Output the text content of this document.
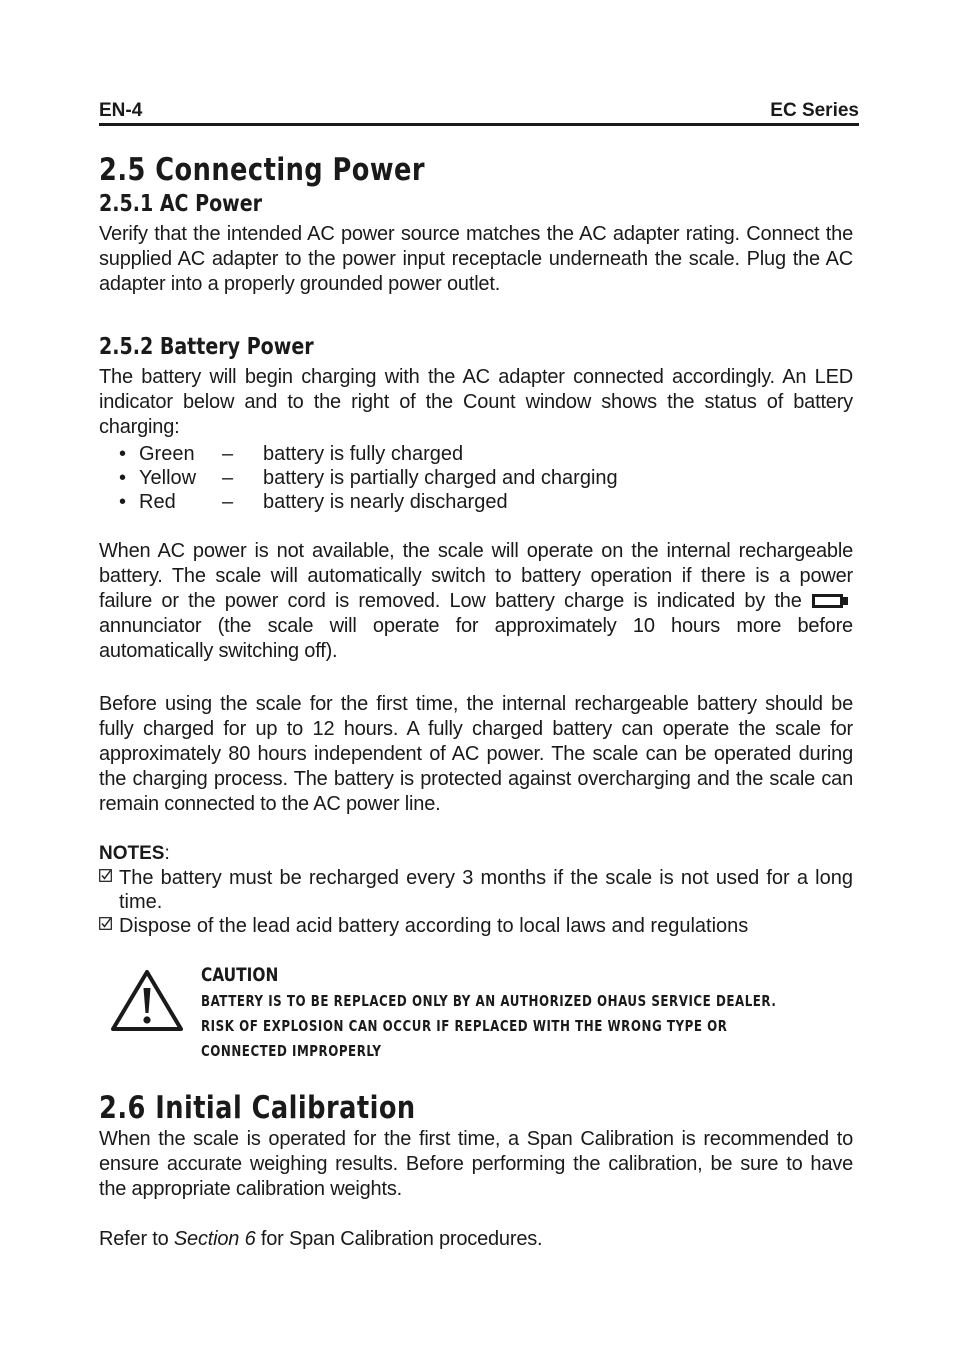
EN-4	EC Series
2.5 Connecting Power
2.5.1 AC Power
Verify that the intended AC power source matches the AC adapter rating. Connect the supplied AC adapter to the power input receptacle underneath the scale. Plug the AC adapter into a properly grounded power outlet.
2.5.2 Battery Power
The battery will begin charging with the AC adapter connected accordingly. An LED indicator below and to the right of the Count window shows the status of battery charging:
• Green – battery is fully charged
• Yellow – battery is partially charged and charging
• Red – battery is nearly discharged
When AC power is not available, the scale will operate on the internal rechargeable battery. The scale will automatically switch to battery operation if there is a power failure or the power cord is removed. Low battery charge is indicated by the annunciator (the scale will operate for approximately 10 hours more before automatically switching off).
Before using the scale for the first time, the internal rechargeable battery should be fully charged for up to 12 hours. A fully charged battery can operate the scale for approximately 80 hours independent of AC power. The scale can be operated during the charging process. The battery is protected against overcharging and the scale can remain connected to the AC power line.
NOTES:
The battery must be recharged every 3 months if the scale is not used for a long time.
Dispose of the lead acid battery according to local laws and regulations
CAUTION
BATTERY IS TO BE REPLACED ONLY BY AN AUTHORIZED OHAUS SERVICE DEALER.
RISK OF EXPLOSION CAN OCCUR IF REPLACED WITH THE WRONG TYPE OR
CONNECTED IMPROPERLY
2.6 Initial Calibration
When the scale is operated for the first time, a Span Calibration is recommended to ensure accurate weighing results. Before performing the calibration, be sure to have the appropriate calibration weights.
Refer to Section 6 for Span Calibration procedures.
